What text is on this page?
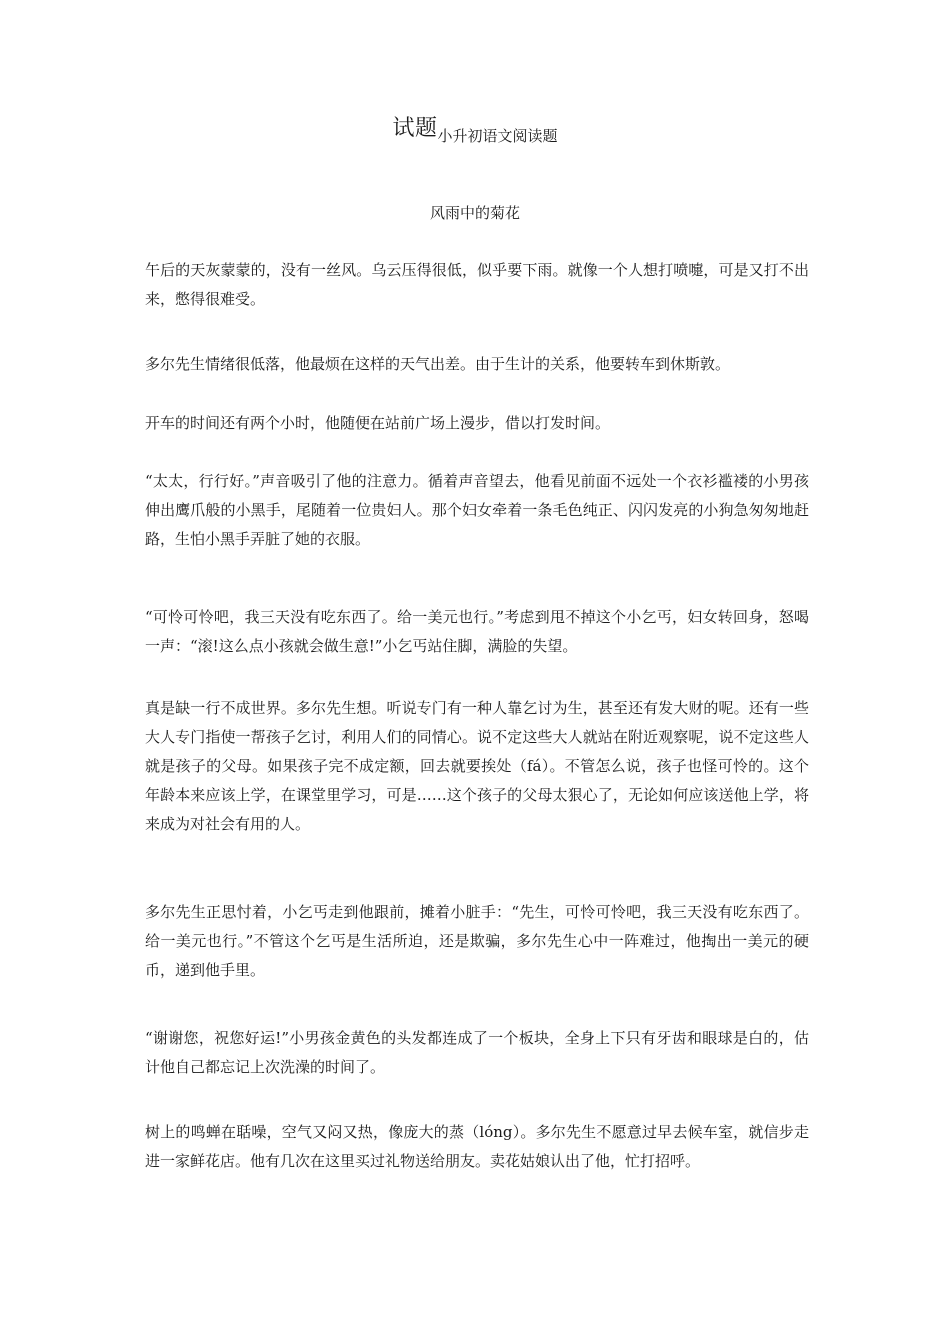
试题小升初语文阅读题
风雨中的菊花

午后的天灰蒙蒙的，没有一丝风。乌云压得很低，似乎要下雨。就像一个人想打喷嚏，可是又打不出来，憋得很难受。

多尔先生情绪很低落，他最烦在这样的天气出差。由于生计的关系，他要转车到休斯敦。

开车的时间还有两个小时，他随便在站前广场上漫步，借以打发时间。

“太太，行行好。”声音吸引了他的注意力。循着声音望去，他看见前面不远处一个衣衫褴褛的小男孩伸出鹰爪般的小黑手，尾随着一位贵妇人。那个妇女牵着一条毛色纯正、闪闪发亮的小狗急匆匆地赶路，生怕小黑手弄脏了她的衣服。

“可怜可怜吧，我三天没有吃东西了。给一美元也行。”考虑到甩不掉这个小乞丐，妇女转回身，怒喝一声：“滚!这么点小孩就会做生意!”小乞丐站住脚，满脸的失望。

真是缺一行不成世界。多尔先生想。听说专门有一种人靠乞讨为生，甚至还有发大财的呢。还有一些大人专门指使一帮孩子乞讨，利用人们的同情心。说不定这些大人就站在附近观察呢，说不定这些人就是孩子的父母。如果孩子完不成定额，回去就要挨处（fá）。不管怎么说，孩子也怪可怜的。这个年龄本来应该上学，在课堂里学习，可是……这个孩子的父母太狠心了，无论如何应该送他上学，将来成为对社会有用的人。

多尔先生正思忖着，小乞丐走到他跟前，摊着小脏手：“先生，可怜可怜吧，我三天没有吃东西了。给一美元也行。”不管这个乞丐是生活所迫，还是欺骗，多尔先生心中一阵难过，他掏出一美元的硬币，递到他手里。

“谢谢您，祝您好运!”小男孩金黄色的头发都连成了一个板块，全身上下只有牙齿和眼球是白的，估计他自己都忘记上次洗澡的时间了。

树上的鸣蝉在聒噪，空气又闷又热，像庞大的蒸（lóng）。多尔先生不愿意过早去候车室，就信步走进一家鲜花店。他有几次在这里买过礼物送给朋友。卖花姑娘认出了他，忙打招呼。
